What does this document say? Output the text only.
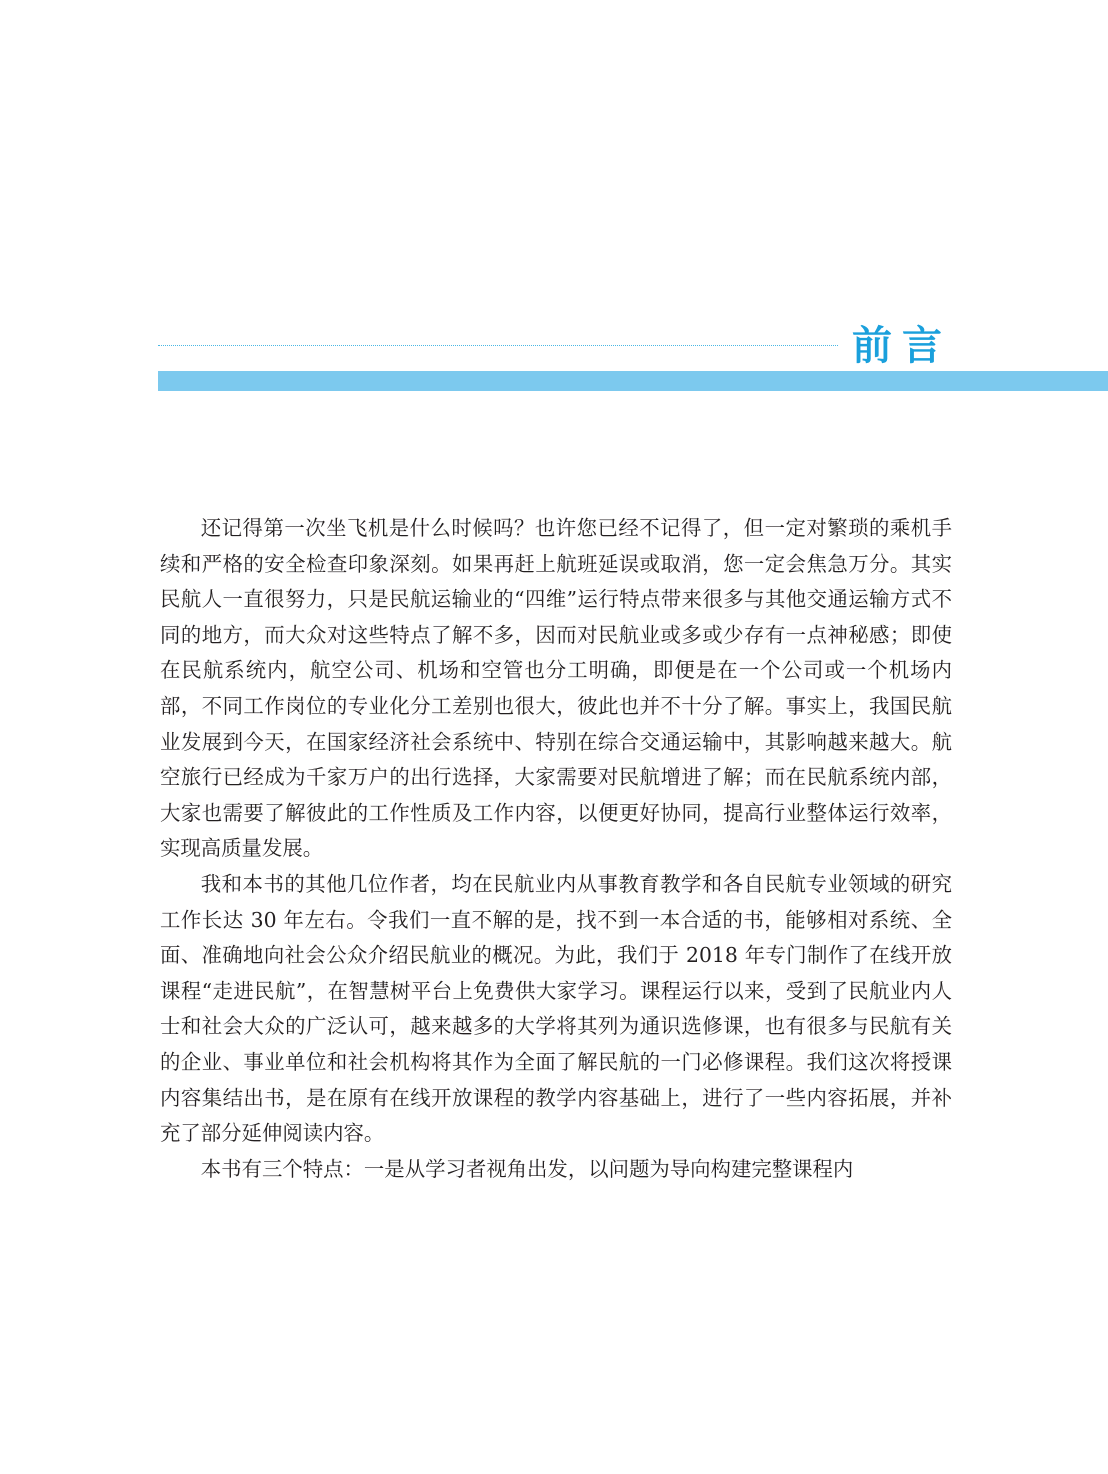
前言

还记得第一次坐飞机是什么时候吗？也许您已经不记得了，但一定对繁琐的乘机手续和严格的安全检查印象深刻。如果再赶上航班延误或取消，您一定会焦急万分。其实民航人一直很努力，只是民航运输业的“四维”运行特点带来很多与其他交通运输方式不同的地方，而大众对这些特点了解不多，因而对民航业或多或少存有一点神秘感；即使在民航系统内，航空公司、机场和空管也分工明确，即便是在一个公司或一个机场内部，不同工作岗位的专业化分工差别也很大，彼此也并不十分了解。事实上，我国民航业发展到今天，在国家经济社会系统中、特别在综合交通运输中，其影响越来越大。航空旅行已经成为千家万户的出行选择，大家需要对民航增进了解；而在民航系统内部，大家也需要了解彼此的工作性质及工作内容，以便更好协同，提高行业整体运行效率，实现高质量发展。

我和本书的其他几位作者，均在民航业内从事教育教学和各自民航专业领域的研究工作长达 30 年左右。令我们一直不解的是，找不到一本合适的书，能够相对系统、全面、准确地向社会公众介绍民航业的概况。为此，我们于 2018 年专门制作了在线开放课程“走进民航”，在智慧树平台上免费供大家学习。课程运行以来，受到了民航业内人士和社会大众的广泛认可，越来越多的大学将其列为通识选修课，也有很多与民航有关的企业、事业单位和社会机构将其作为全面了解民航的一门必修课程。我们这次将授课内容集结出书，是在原有在线开放课程的教学内容基础上，进行了一些内容拓展，并补充了部分延伸阅读内容。

本书有三个特点：一是从学习者视角出发，以问题为导向构建完整课程内
